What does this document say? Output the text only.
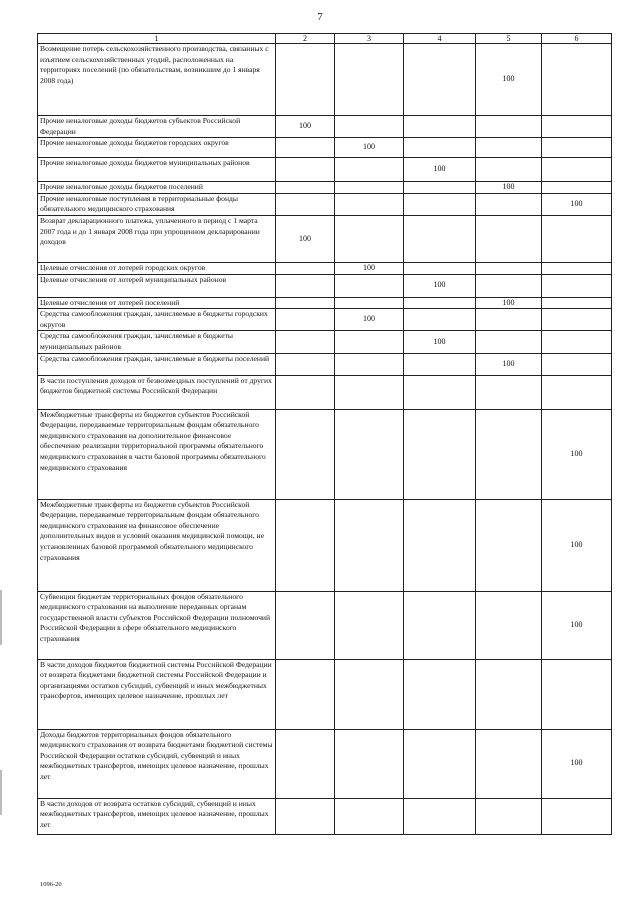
7
1	2	3	4	5	6
Возмещение потерь сельскохозяйственного производства, связанных с изъятием сельскохозяйственных угодий, расположенных на территориях поселений (по обязательствам, возникшим до 1 января 2008 года)				100	
Прочие неналоговые доходы бюджетов субъектов Российской Федерации	100				
Прочие неналоговые доходы бюджетов городских округов		100			
Прочие неналоговые доходы бюджетов муниципальных районов			100		
Прочие неналоговые доходы бюджетов поселений				100	
Прочие неналоговые поступления в территориальные фонды обязательного медицинского страхования					100
Возврат декларационного платежа, уплаченного в период с 1 марта 2007 года и до 1 января 2008 года при упрощенном декларировании доходов	100				
Целевые отчисления от лотерей городских округов		100			
Целевые отчисления от лотерей муниципальных районов			100		
Целевые отчисления от лотерей поселений				100	
Средства самообложения граждан, зачисляемые в бюджеты городских округов		100			
Средства самообложения граждан, зачисляемые в бюджеты муниципальных районов			100		
Средства самообложения граждан, зачисляемые в бюджеты поселений				100	
В части поступления доходов от безвозмездных поступлений от других бюджетов бюджетной системы Российской Федерации					
Межбюджетные трансферты из бюджетов субъектов Российской Федерации, передаваемые территориальным фондам обязательного медицинского страхования на дополнительное финансовое обеспечение реализации территориальной программы обязательного медицинского страхования в части базовой программы обязательного медицинского страхования					100
Межбюджетные трансферты из бюджетов субъектов Российской Федерации, передаваемые территориальным фондам обязательного медицинского страхования на финансовое обеспечение дополнительных видов и условий оказания медицинской помощи, не установленных базовой программой обязательного медицинского страхования					100
Субвенции бюджетам территориальных фондов обязательного медицинского страхования на выполнение переданных органам государственной власти субъектов Российской Федерации полномочий Российской Федерации в сфере обязательного медицинского страхования					100
В части доходов бюджетов бюджетной системы Российской Федерации от возврата бюджетами бюджетной системы Российской Федерации и организациями остатков субсидий, субвенций и иных межбюджетных трансфертов, имеющих целевое назначение, прошлых лет					
Доходы бюджетов территориальных фондов обязательного медицинского страхования от возврата бюджетами бюджетной системы Российской Федерации остатков субсидий, субвенций и иных межбюджетных трансфертов, имеющих целевое назначение, прошлых лет					100
В части доходов от возврата остатков субсидий, субвенций и иных межбюджетных трансфертов, имеющих целевое назначение, прошлых лет					
1096-20
